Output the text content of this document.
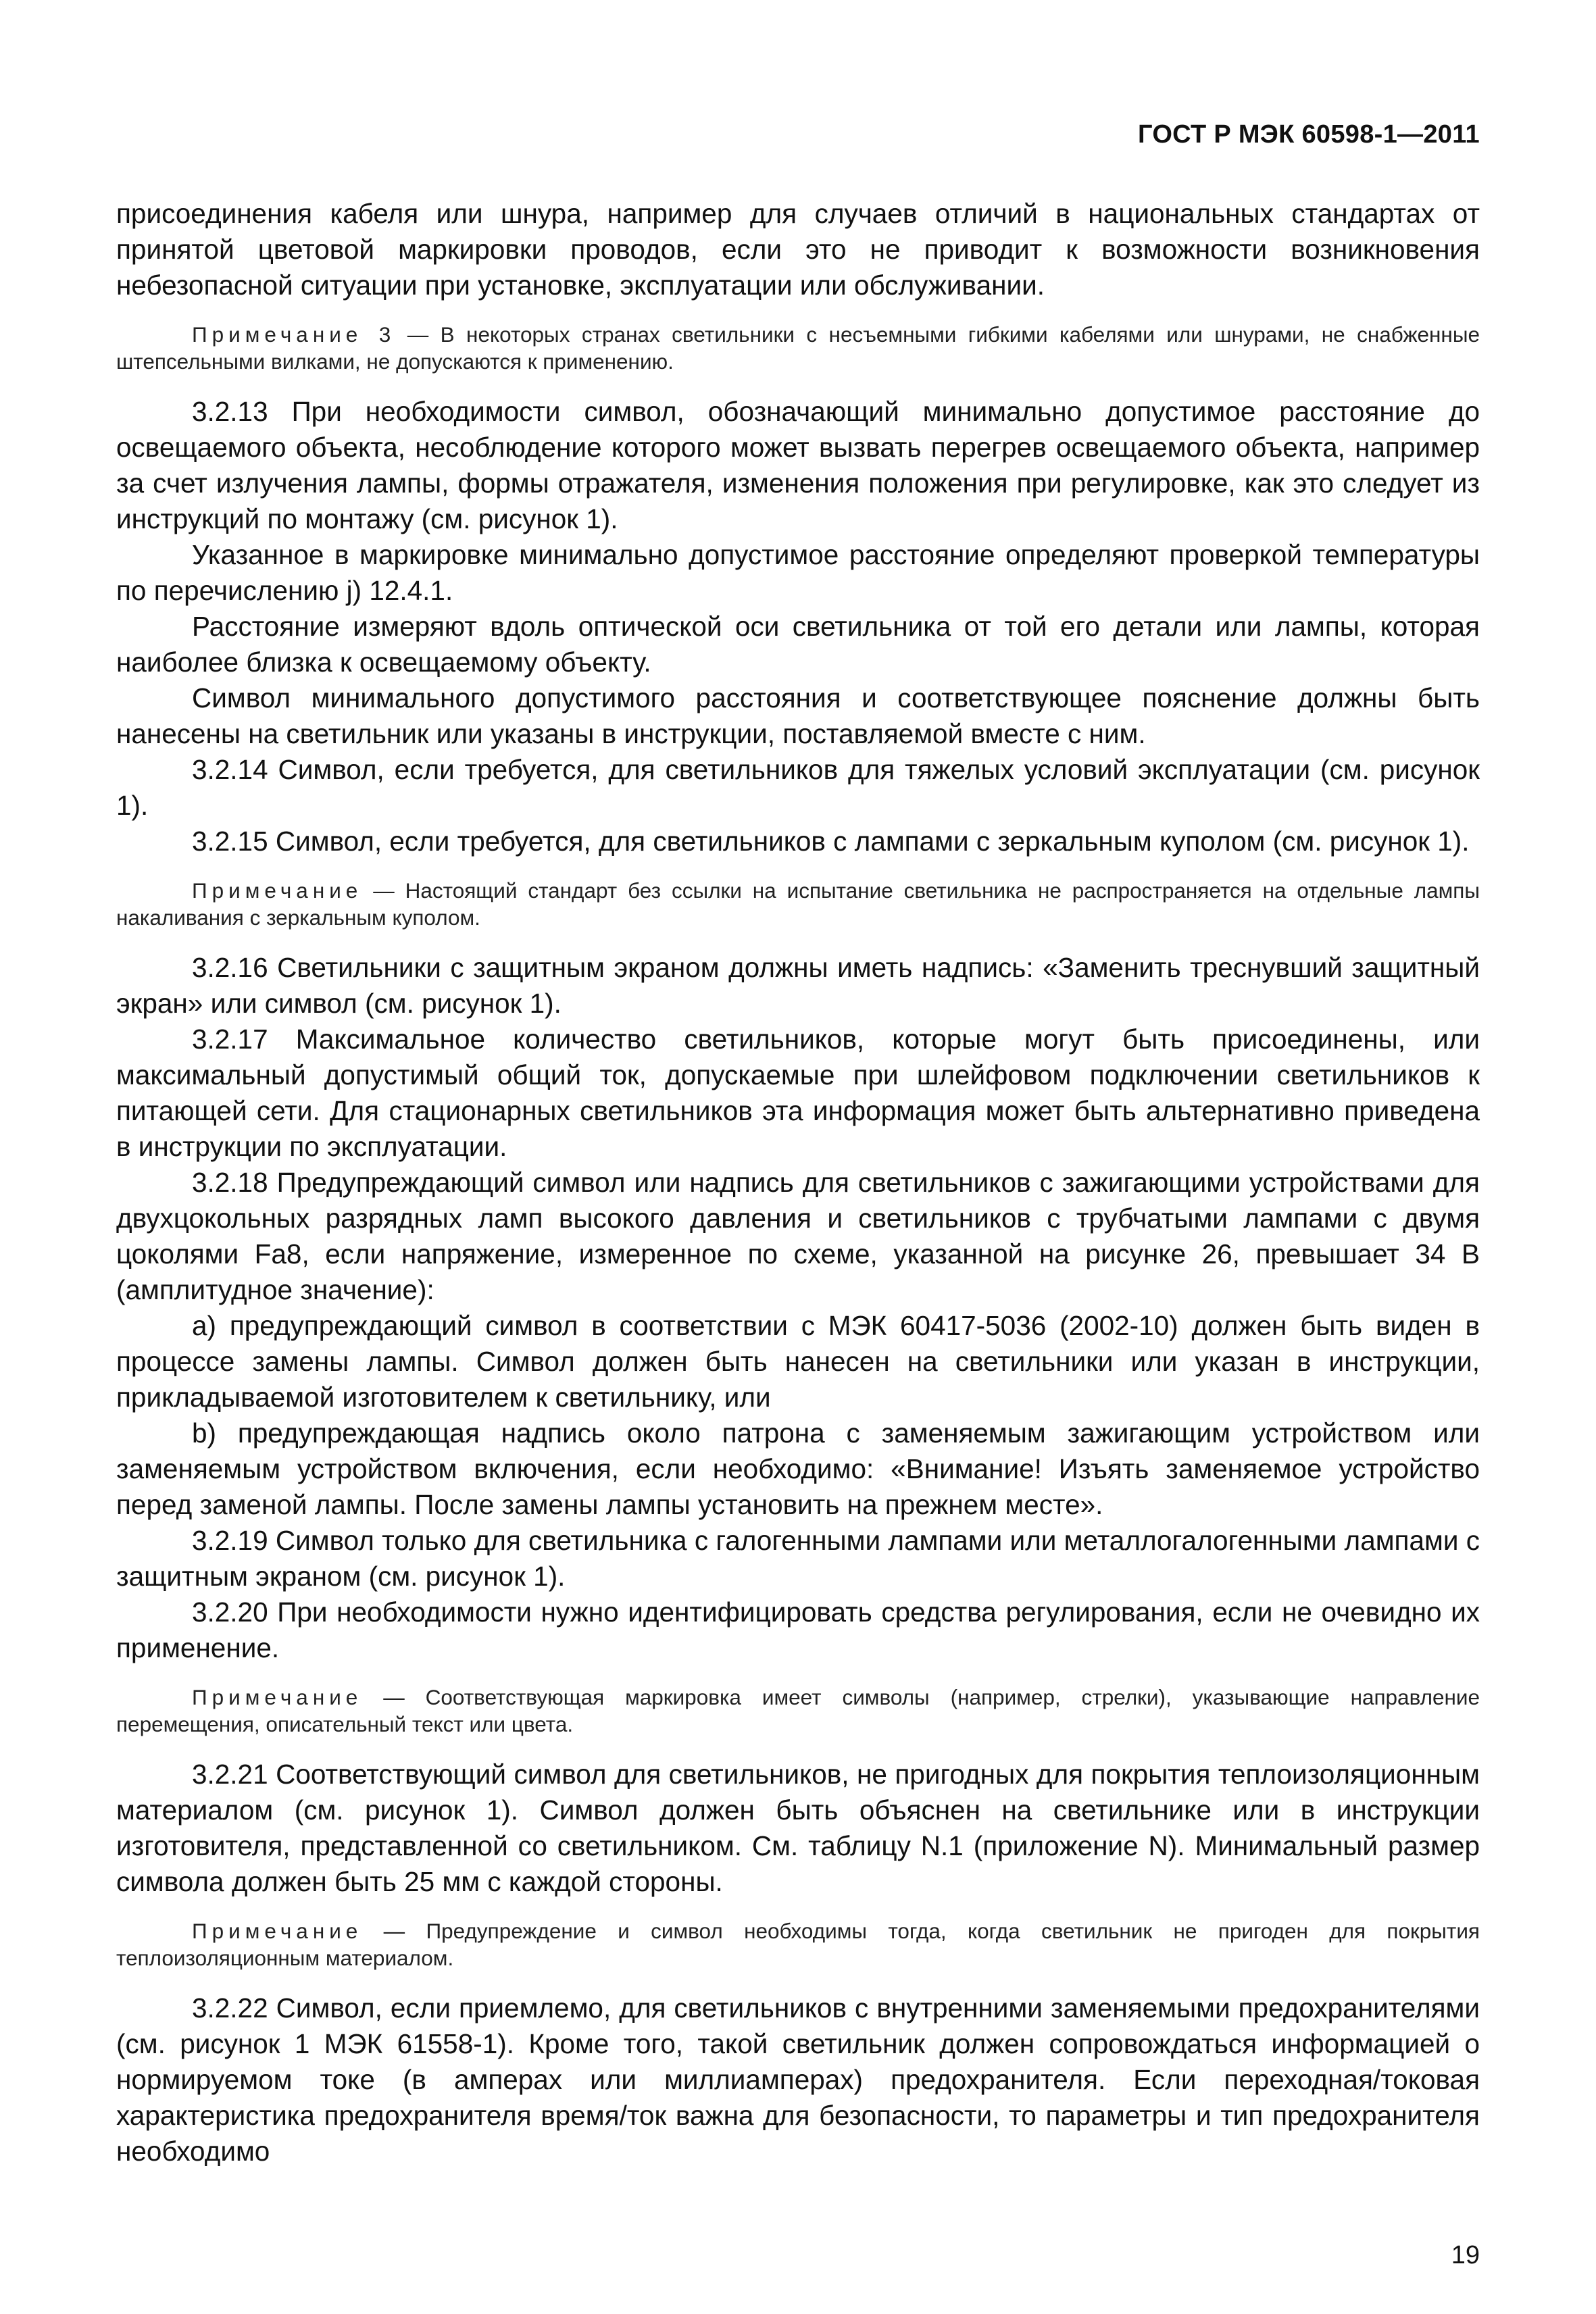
ГОСТ Р МЭК 60598-1—2011

присоединения кабеля или шнура, например для случаев отличий в национальных стандартах от принятой цветовой маркировки проводов, если это не приводит к возможности возникновения небезопасной ситуации при установке, эксплуатации или обслуживании.

Примечание 3 — В некоторых странах светильники с несъемными гибкими кабелями или шнурами, не снабженные штепсельными вилками, не допускаются к применению.

3.2.13 При необходимости символ, обозначающий минимально допустимое расстояние до освещаемого объекта, несоблюдение которого может вызвать перегрев освещаемого объекта, например за счет излучения лампы, формы отражателя, изменения положения при регулировке, как это следует из инструкций по монтажу (см. рисунок 1).

Указанное в маркировке минимально допустимое расстояние определяют проверкой температуры по перечислению j) 12.4.1.

Расстояние измеряют вдоль оптической оси светильника от той его детали или лампы, которая наиболее близка к освещаемому объекту.

Символ минимального допустимого расстояния и соответствующее пояснение должны быть нанесены на светильник или указаны в инструкции, поставляемой вместе с ним.

3.2.14 Символ, если требуется, для светильников для тяжелых условий эксплуатации (см. рисунок 1).

3.2.15 Символ, если требуется, для светильников с лампами с зеркальным куполом (см. рисунок 1).

Примечание — Настоящий стандарт без ссылки на испытание светильника не распространяется на отдельные лампы накаливания с зеркальным куполом.

3.2.16 Светильники с защитным экраном должны иметь надпись: «Заменить треснувший защитный экран» или символ (см. рисунок 1).

3.2.17 Максимальное количество светильников, которые могут быть присоединены, или максимальный допустимый общий ток, допускаемые при шлейфовом подключении светильников к питающей сети. Для стационарных светильников эта информация может быть альтернативно приведена в инструкции по эксплуатации.

3.2.18 Предупреждающий символ или надпись для светильников с зажигающими устройствами для двухцокольных разрядных ламп высокого давления и светильников с трубчатыми лампами с двумя цоколями Fa8, если напряжение, измеренное по схеме, указанной на рисунке 26, превышает 34 В (амплитудное значение):

a) предупреждающий символ в соответствии с МЭК 60417-5036 (2002-10) должен быть виден в процессе замены лампы. Символ должен быть нанесен на светильники или указан в инструкции, прикладываемой изготовителем к светильнику, или

b) предупреждающая надпись около патрона с заменяемым зажигающим устройством или заменяемым устройством включения, если необходимо: «Внимание! Изъять заменяемое устройство перед заменой лампы. После замены лампы установить на прежнем месте».

3.2.19 Символ только для светильника с галогенными лампами или металлогалогенными лампами с защитным экраном (см. рисунок 1).

3.2.20 При необходимости нужно идентифицировать средства регулирования, если не очевидно их применение.

Примечание — Соответствующая маркировка имеет символы (например, стрелки), указывающие направление перемещения, описательный текст или цвета.

3.2.21 Соответствующий символ для светильников, не пригодных для покрытия теплоизоляционным материалом (см. рисунок 1). Символ должен быть объяснен на светильнике или в инструкции изготовителя, представленной со светильником. См. таблицу N.1 (приложение N). Минимальный размер символа должен быть 25 мм с каждой стороны.

Примечание — Предупреждение и символ необходимы тогда, когда светильник не пригоден для покрытия теплоизоляционным материалом.

3.2.22 Символ, если приемлемо, для светильников с внутренними заменяемыми предохранителями (см. рисунок 1 МЭК 61558-1). Кроме того, такой светильник должен сопровождаться информацией о нормируемом токе (в амперах или миллиамперах) предохранителя. Если переходная/токовая характеристика предохранителя время/ток важна для безопасности, то параметры и тип предохранителя необходимо

19
